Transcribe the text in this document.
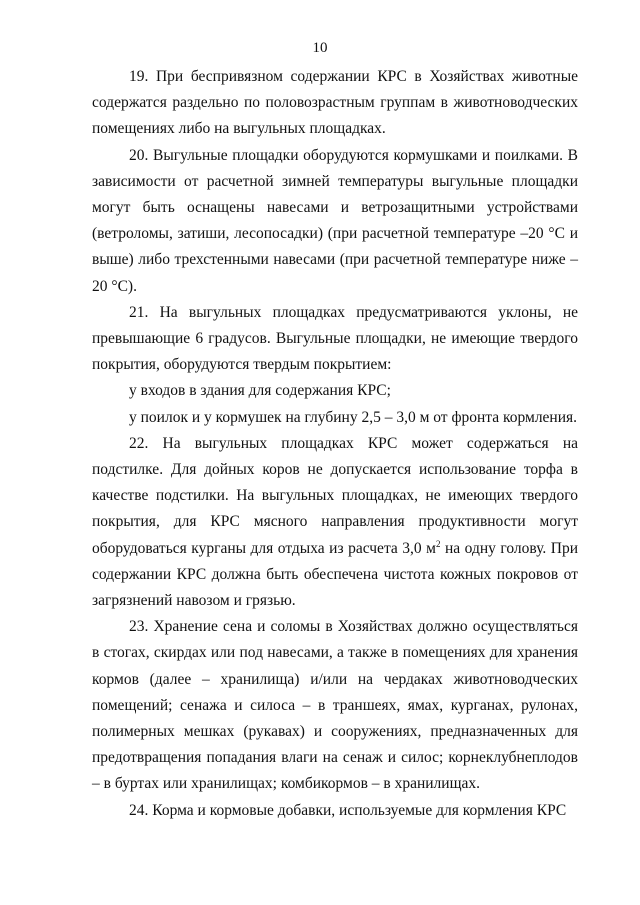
10

19. При беспривязном содержании КРС в Хозяйствах животные содержатся раздельно по половозрастным группам в животноводческих помещениях либо на выгульных площадках.

20. Выгульные площадки оборудуются кормушками и поилками. В зависимости от расчетной зимней температуры выгульные площадки могут быть оснащены навесами и ветрозащитными устройствами (ветроломы, затиши, лесопосадки) (при расчетной температуре –20 °С и выше) либо трехстенными навесами (при расчетной температуре ниже –20 °С).

21. На выгульных площадках предусматриваются уклоны, не превышающие 6 градусов. Выгульные площадки, не имеющие твердого покрытия, оборудуются твердым покрытием:

у входов в здания для содержания КРС;

у поилок и у кормушек на глубину 2,5 – 3,0 м от фронта кормления.

22. На выгульных площадках КРС может содержаться на подстилке. Для дойных коров не допускается использование торфа в качестве подстилки. На выгульных площадках, не имеющих твердого покрытия, для КРС мясного направления продуктивности могут оборудоваться курганы для отдыха из расчета 3,0 $м^2$ на одну голову. При содержании КРС должна быть обеспечена чистота кожных покровов от загрязнений навозом и грязью.

23. Хранение сена и соломы в Хозяйствах должно осуществляться в стогах, скирдах или под навесами, а также в помещениях для хранения кормов (далее – хранилища) и/или на чердаках животноводческих помещений; сенажа и силоса – в траншеях, ямах, курганах, рулонах, полимерных мешках (рукавах) и сооружениях, предназначенных для предотвращения попадания влаги на сенаж и силос; корнеклубнеплодов – в буртах или хранилищах; комбикормов – в хранилищах.

24. Корма и кормовые добавки, используемые для кормления КРС
